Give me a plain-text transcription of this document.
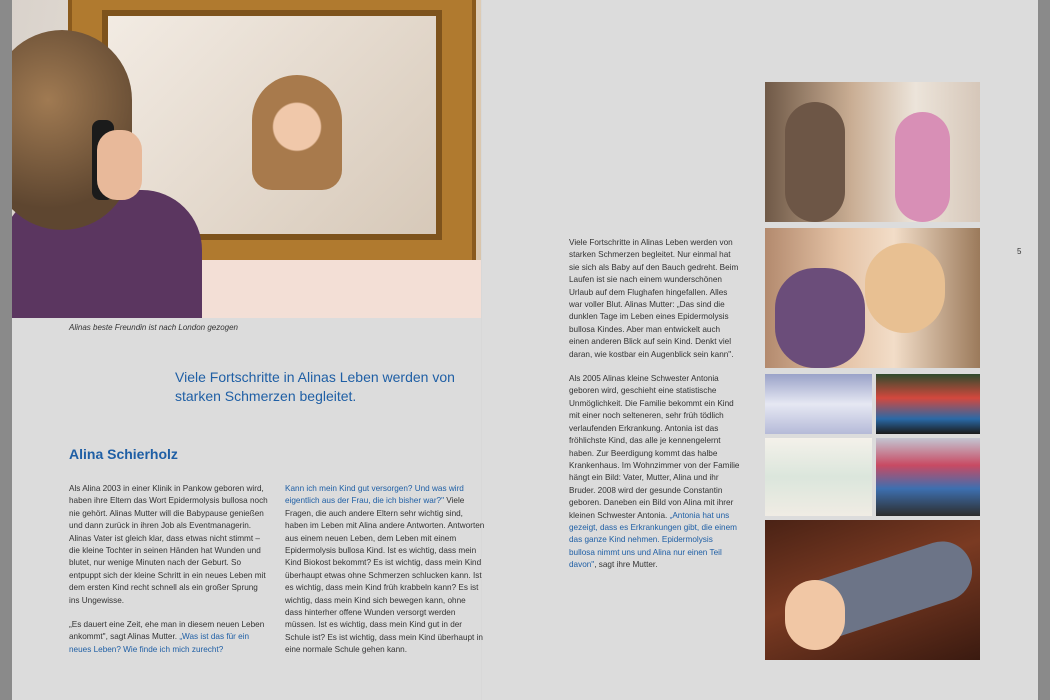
Alinas beste Freundin ist nach London gezogen
Viele Fortschritte in Alinas Leben werden von starken Schmerzen begleitet.
Alina Schierholz

Als Alina 2003 in einer Klinik in Pankow geboren wird, haben ihre Eltern das Wort Epidermolysis bullosa noch nie gehört. Alinas Mutter will die Babypause genießen und dann zurück in ihren Job als Eventmanagerin. Alinas Vater ist gleich klar, dass etwas nicht stimmt – die kleine Tochter in seinen Händen hat Wunden und blutet, nur wenige Minuten nach der Geburt. So entpuppt sich der kleine Schritt in ein neues Leben mit dem ersten Kind recht schnell als ein großer Sprung ins Ungewisse.

„Es dauert eine Zeit, ehe man in diesem neuen Leben ankommt", sagt Alinas Mutter. „Was ist das für ein neues Leben? Wie finde ich mich zurecht?

Kann ich mein Kind gut versorgen? Und was wird eigentlich aus der Frau, die ich bisher war?" Viele Fragen, die auch andere Eltern sehr wichtig sind, haben im Leben mit Alina andere Antworten. Antworten aus einem neuen Leben, dem Leben mit einem Epidermolysis bullosa Kind. Ist es wichtig, dass mein Kind Biokost bekommt? Es ist wichtig, dass mein Kind überhaupt etwas ohne Schmerzen schlucken kann. Ist es wichtig, dass mein Kind früh krabbeln kann? Es ist wichtig, dass mein Kind sich bewegen kann, ohne dass hinterher offene Wunden versorgt werden müssen. Ist es wichtig, dass mein Kind gut in der Schule ist? Es ist wichtig, dass mein Kind überhaupt in eine normale Schule gehen kann.

Viele Fortschritte in Alinas Leben werden von starken Schmerzen begleitet. Nur einmal hat sie sich als Baby auf den Bauch gedreht. Beim Laufen ist sie nach einem wunderschönen Urlaub auf dem Flughafen hingefallen. Alles war voller Blut. Alinas Mutter: „Das sind die dunklen Tage im Leben eines Epidermolysis bullosa Kindes. Aber man entwickelt auch einen anderen Blick auf sein Kind. Denkt viel daran, wie kostbar ein Augenblick sein kann".

Als 2005 Alinas kleine Schwester Antonia geboren wird, geschieht eine statistische Unmöglichkeit. Die Familie bekommt ein Kind mit einer noch selteneren, sehr früh tödlich verlaufenden Erkrankung. Antonia ist das fröhlichste Kind, das alle je kennengelernt haben. Zur Beerdigung kommt das halbe Krankenhaus. Im Wohnzimmer von der Familie hängt ein Bild: Vater, Mutter, Alina und ihr Bruder. 2008 wird der gesunde Constantin geboren. Daneben ein Bild von Alina mit ihrer kleinen Schwester Antonia. „Antonia hat uns gezeigt, dass es Erkrankungen gibt, die einem das ganze Kind nehmen. Epidermolysis bullosa nimmt uns und Alina nur einen Teil davon", sagt ihre Mutter.

5
